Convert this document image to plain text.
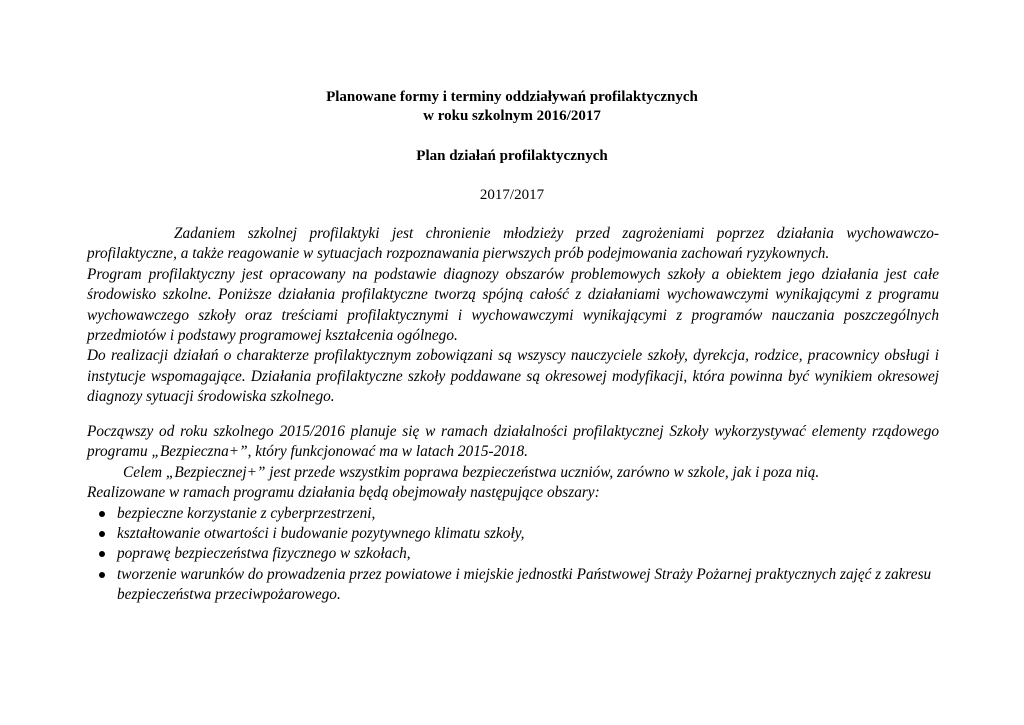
Planowane formy i terminy oddziaływań profilaktycznych
w roku szkolnym 2016/2017
Plan działań profilaktycznych
2017/2017

Zadaniem szkolnej profilaktyki jest chronienie młodzieży przed zagrożeniami poprzez działania wychowawczo-profilaktyczne, a także reagowanie w sytuacjach rozpoznawania pierwszych prób podejmowania zachowań ryzykownych.

Program profilaktyczny jest opracowany na podstawie diagnozy obszarów problemowych szkoły a obiektem jego działania jest całe środowisko szkolne. Poniższe działania profilaktyczne tworzą spójną całość z działaniami wychowawczymi wynikającymi z programu wychowawczego szkoły oraz treściami profilaktycznymi i wychowawczymi wynikającymi z programów nauczania poszczególnych przedmiotów i podstawy programowej kształcenia ogólnego.

Do realizacji działań o charakterze profilaktycznym zobowiązani są wszyscy nauczyciele szkoły, dyrekcja, rodzice, pracownicy obsługi i instytucje wspomagające. Działania profilaktyczne szkoły poddawane są okresowej modyfikacji, która powinna być wynikiem okresowej diagnozy sytuacji środowiska szkolnego.

Począwszy od roku szkolnego 2015/2016 planuje się w ramach działalności profilaktycznej Szkoły wykorzystywać elementy rządowego programu „Bezpieczna+”, który funkcjonować ma w latach 2015-2018.

Celem „Bezpiecznej+” jest przede wszystkim poprawa bezpieczeństwa uczniów, zarówno w szkole, jak i poza nią.

Realizowane w ramach programu działania będą obejmowały następujące obszary:

bezpieczne korzystanie z cyberprzestrzeni,
kształtowanie otwartości i budowanie pozytywnego klimatu szkoły,
poprawę bezpieczeństwa fizycznego w szkołach,
tworzenie warunków do prowadzenia przez powiatowe i miejskie jednostki Państwowej Straży Pożarnej praktycznych zajęć z zakresu bezpieczeństwa przeciwpożarowego.
